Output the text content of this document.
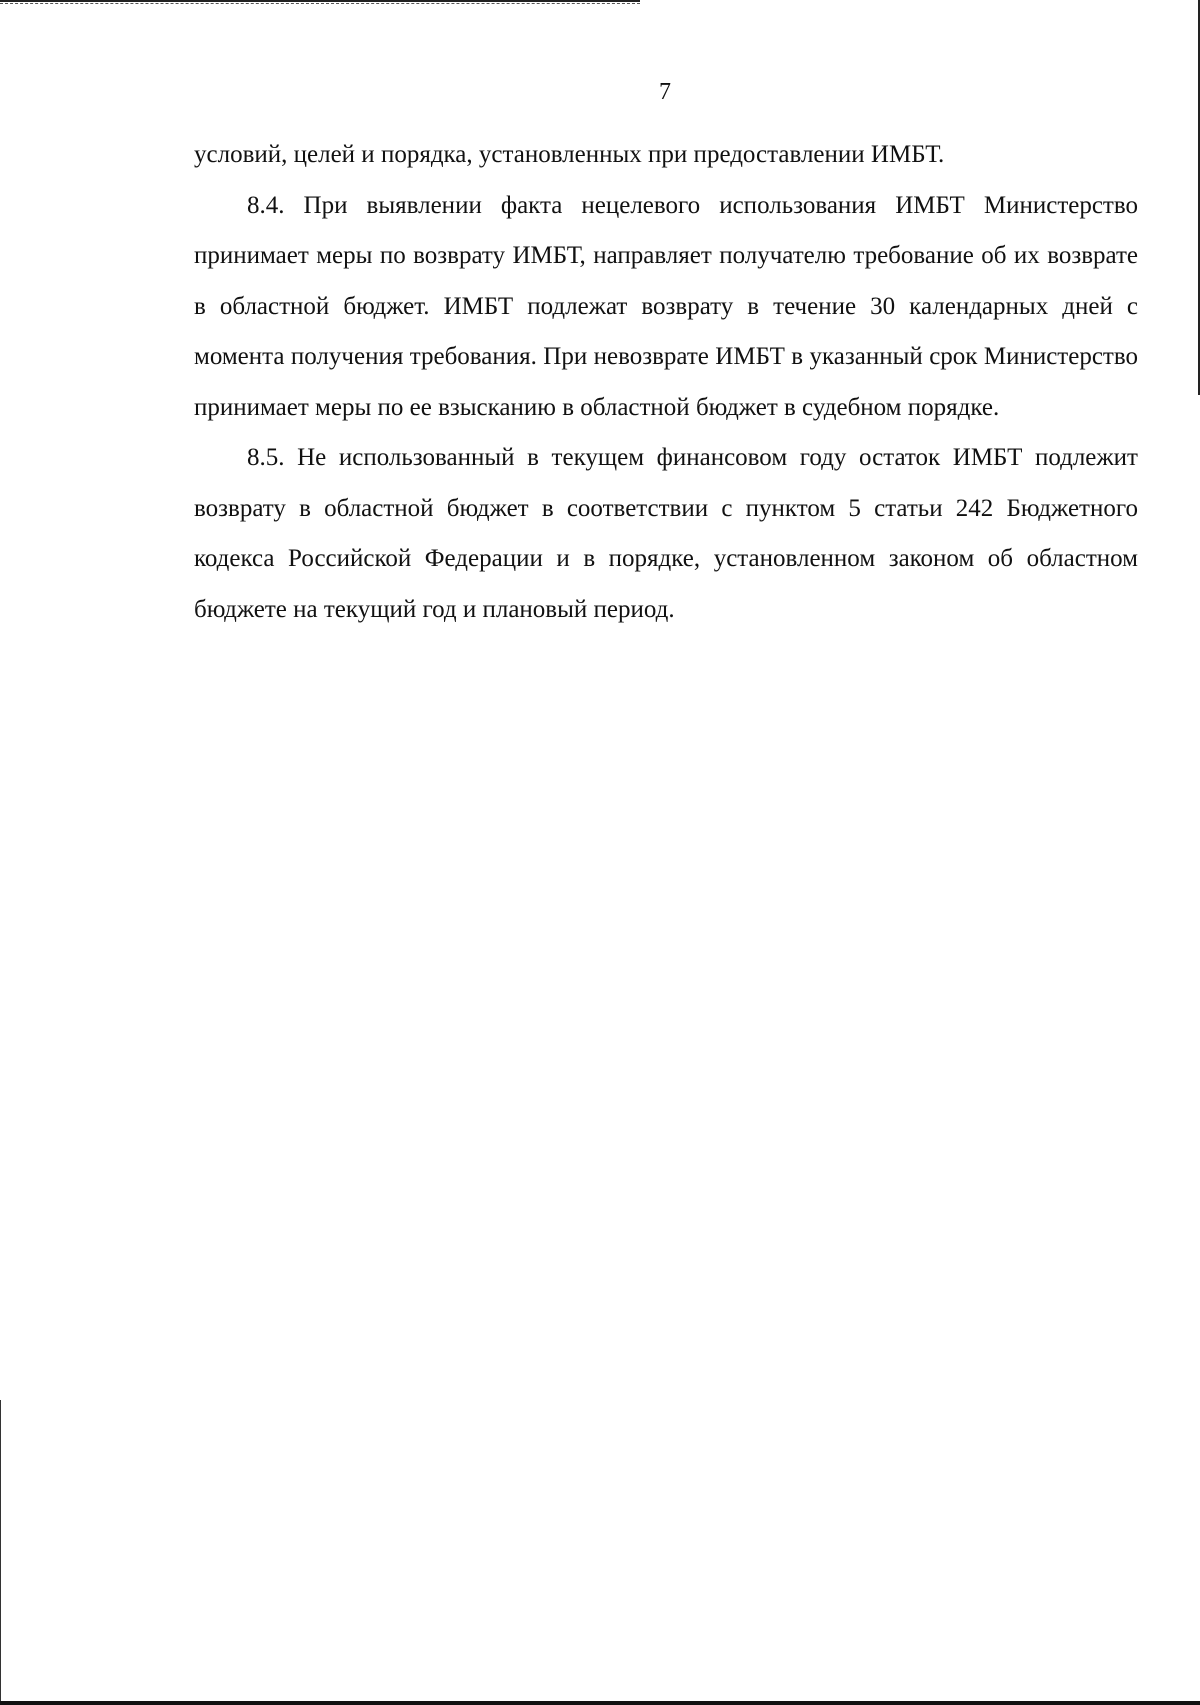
7

условий, целей и порядка, установленных при предоставлении ИМБТ.

8.4. При выявлении факта нецелевого использования ИМБТ Министерство принимает меры по возврату ИМБТ, направляет получателю требование об их возврате в областной бюджет. ИМБТ подлежат возврату в течение 30 календарных дней с момента получения требования. При невозврате ИМБТ в указанный срок Министерство принимает меры по ее взысканию в областной бюджет в судебном порядке.

8.5. Не использованный в текущем финансовом году остаток ИМБТ подлежит возврату в областной бюджет в соответствии с пунктом 5 статьи 242 Бюджетного кодекса Российской Федерации и в порядке, установленном законом об областном бюджете на текущий год и плановый период.
